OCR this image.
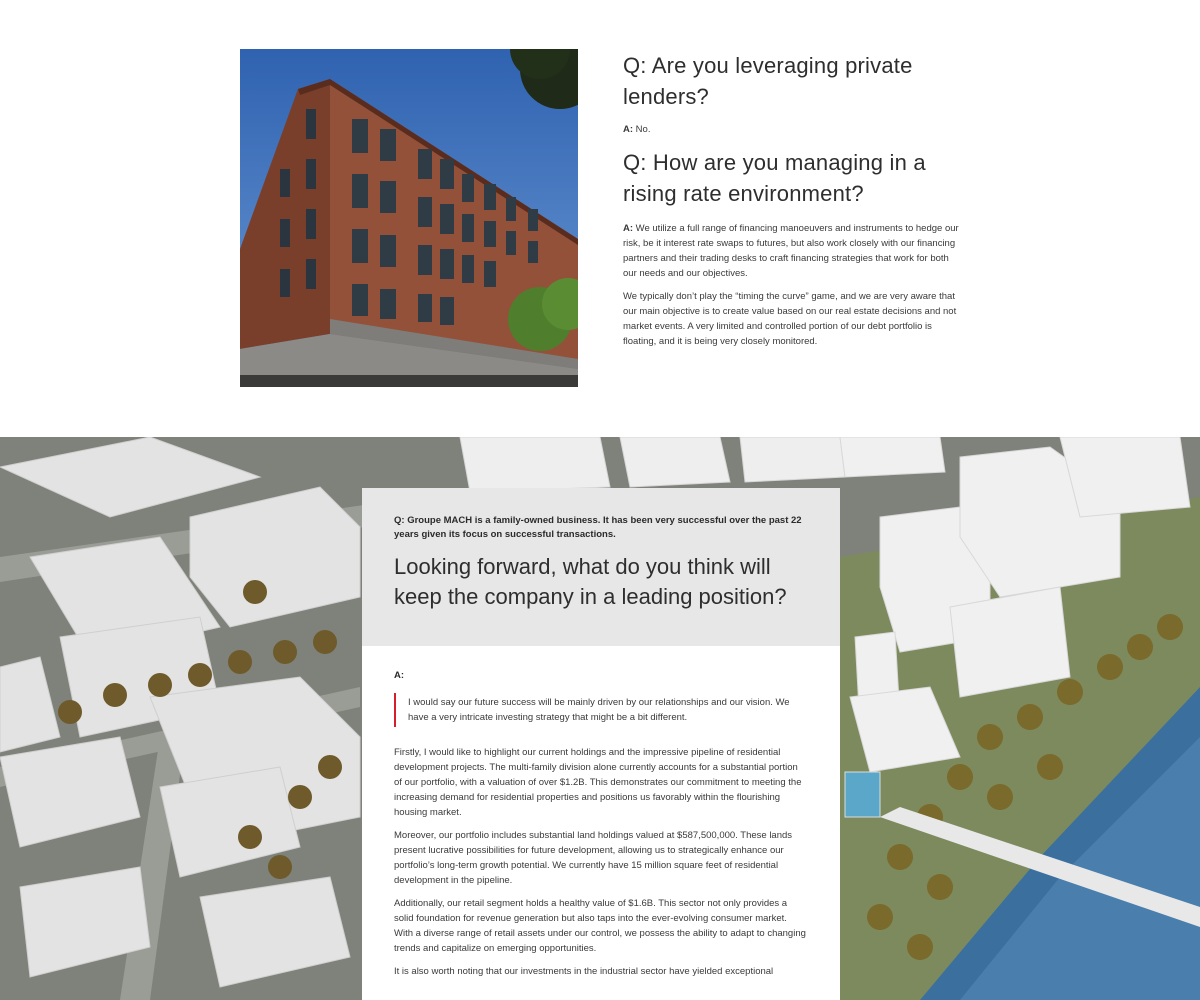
Q: Are you leveraging private lenders?

A: No.

Q: How are you managing in a rising rate environment?

A: We utilize a full range of financing manoeuvers and instruments to hedge our risk, be it interest rate swaps to futures, but also work closely with our financing partners and their trading desks to craft financing strategies that work for both our needs and our objectives.

We typically don’t play the “timing the curve” game, and we are very aware that our main objective is to create value based on our real estate decisions and not market events. A very limited and controlled portion of our debt portfolio is floating, and it is being very closely monitored.

Q: Groupe MACH is a family-owned business. It has been very successful over the past 22 years given its focus on successful transactions.

Looking forward, what do you think will keep the company in a leading position?

A:

I would say our future success will be mainly driven by our relationships and our vision. We have a very intricate investing strategy that might be a bit different.

Firstly, I would like to highlight our current holdings and the impressive pipeline of residential development projects. The multi-family division alone currently accounts for a substantial portion of our portfolio, with a valuation of over $1.2B. This demonstrates our commitment to meeting the increasing demand for residential properties and positions us favorably within the flourishing housing market.

Moreover, our portfolio includes substantial land holdings valued at $587,500,000. These lands present lucrative possibilities for future development, allowing us to strategically enhance our portfolio’s long-term growth potential. We currently have 15 million square feet of residential development in the pipeline.

Additionally, our retail segment holds a healthy value of $1.6B. This sector not only provides a solid foundation for revenue generation but also taps into the ever-evolving consumer market. With a diverse range of retail assets under our control, we possess the ability to adapt to changing trends and capitalize on emerging opportunities.

It is also worth noting that our investments in the industrial sector have yielded exceptional
